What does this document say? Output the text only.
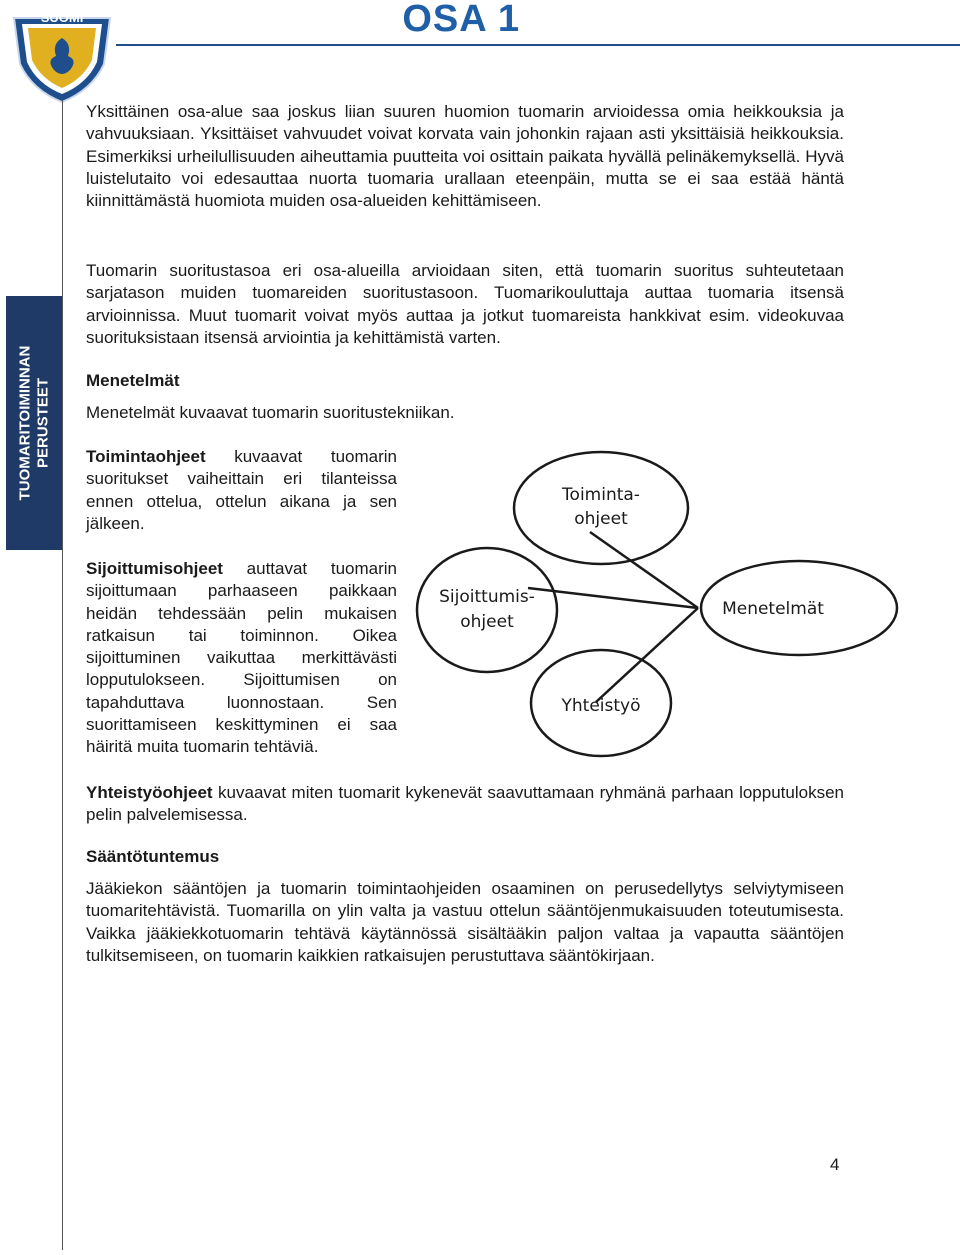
SUOMI	OSA 1
TUOMARITOIMINNAN PERUSTEET

Yksittäinen osa-alue saa joskus liian suuren huomion tuomarin arvioidessa omia heikkouksia ja vahvuuksiaan. Yksittäiset vahvuudet voivat korvata vain johonkin rajaan asti yksittäisiä heikkouksia. Esimerkiksi urheilullisuuden aiheuttamia puutteita voi osittain paikata hyvällä pelinäkemyksellä. Hyvä luistelutaito voi edesauttaa nuorta tuomaria urallaan eteenpäin, mutta se ei saa estää häntä kiinnittämästä huomiota muiden osa-alueiden kehittämiseen.

Tuomarin suoritustasoa eri osa-alueilla arvioidaan siten, että tuomarin suoritus suhteutetaan sarjatason muiden tuomareiden suoritustasoon. Tuomarikouluttaja auttaa tuomaria itsensä arvioinnissa. Muut tuomarit voivat myös auttaa ja jotkut tuomareista hankkivat esim. videokuvaa suorituksistaan itsensä arviointia ja kehittämistä varten.

Menetelmät

Menetelmät kuvaavat tuomarin suoritustekniikan.

Toimintaohjeet kuvaavat tuomarin suoritukset vaiheittain eri tilanteissa ennen ottelua, ottelun aikana ja sen jälkeen.

Sijoittumisohjeet auttavat tuomarin sijoittumaan parhaaseen paikkaan heidän tehdessään pelin mukaisen ratkaisun tai toiminnon. Oikea sijoittuminen vaikuttaa merkittävästi lopputulokseen. Sijoittumisen on tapahduttava luonnostaan. Sen suorittamiseen keskittyminen ei saa häiritä muita tuomarin tehtäviä.

Yhteistyöohjeet kuvaavat miten tuomarit kykenevät saavuttamaan ryhmänä parhaan lopputuloksen pelin palvelemisessa.

Sääntötuntemus

Jääkiekon sääntöjen ja tuomarin toimintaohjeiden osaaminen on perusedellytys selviytymiseen tuomaritehtävistä. Tuomarilla on ylin valta ja vastuu ottelun sääntöjenmukaisuuden toteutumisesta. Vaikka jääkiekkotuomarin tehtävä käytännössä sisältääkin paljon valtaa ja vapautta sääntöjen tulkitsemiseen, on tuomarin kaikkien ratkaisujen perustuttava sääntökirjaan.

Toiminta-
ohjeet
Sijoittumis-
ohjeet
Menetelmät
Yhteistyö
4
